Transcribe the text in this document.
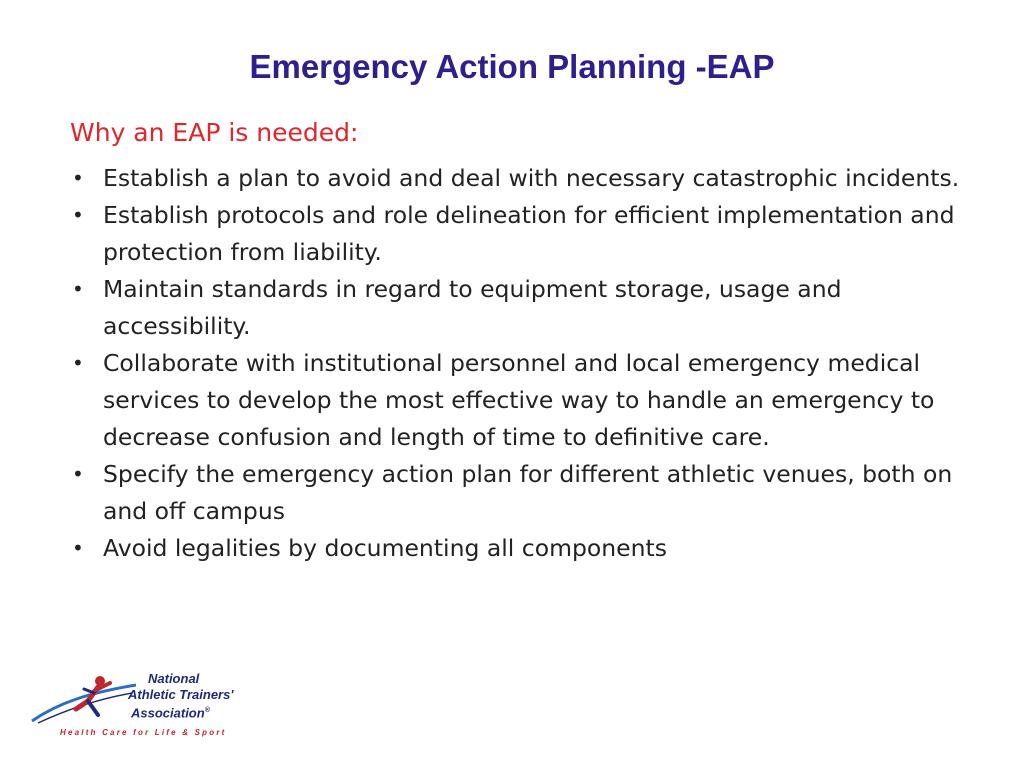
Emergency Action Planning -EAP
Why an EAP is needed:
• Establish a plan to avoid and deal with necessary catastrophic incidents.
• Establish protocols and role delineation for efficient implementation and protection from liability.
• Maintain standards in regard to equipment storage, usage and accessibility.
• Collaborate with institutional personnel and local emergency medical services to develop the most effective way to handle an emergency to decrease confusion and length of time to definitive care.
• Specify the emergency action plan for different athletic venues, both on and off campus
• Avoid legalities by documenting all components
National
Athletic Trainers'
Association®
Health Care for Life & Sport
